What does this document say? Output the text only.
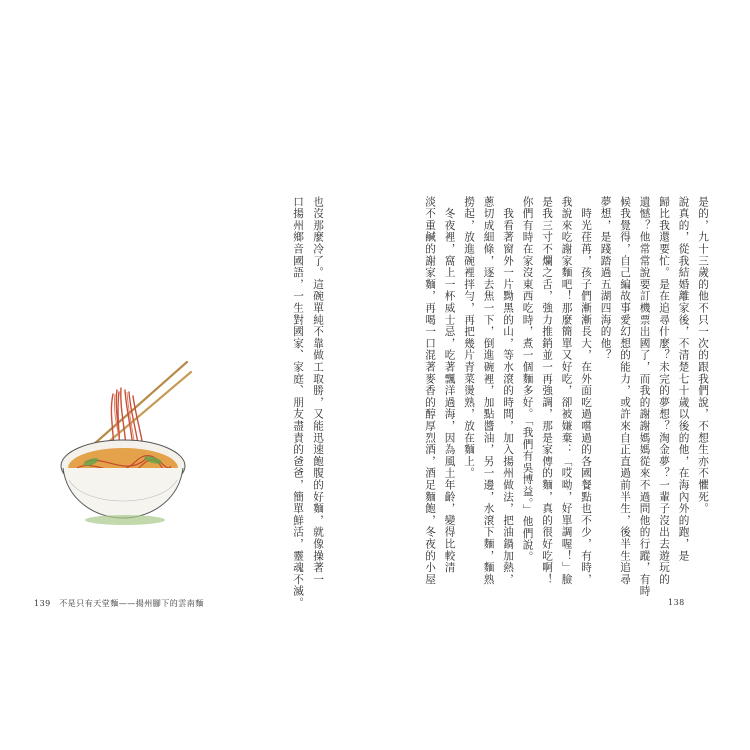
也沒那麼冷了。這碗單純不靠做工取勝，又能迅速飽腹的好麵，就像操著一
口揚州鄉音國語，一生對國家、家庭、朋友盡責的爸爸，簡單鮮活，靈魂不滅。	是的，九十三歲的他不只一次的跟我們說，不想生亦不懼死。
說真的，從我結婚離家後，不清楚七十歲以後的他，在海內外的跑，是
歸比我還要忙。是在追尋什麼？未完的夢想？淘金夢？一輩子沒出去遊玩的
遺憾？他常常說要訂機票出國了，而我的謝謝媽媽從來不過問他的行蹤，有時
候我覺得，自己編故事愛幻想的能力，或許來自正直過前半生，後半生追尋
夢想，是踐踏過五湖四海的他？
　時光荏苒，孩子們漸漸長大，在外面吃過嚐過的各國餐點也不少，有時，
我說來吃謝家麵吧！那麼簡單又好吃，卻被嫌棄：「哎呦，好單調喔！」臉
是我三寸不爛之舌，強力推銷並一再強調，那是家傳的麵，真的很好吃啊！
你們有時在家沒東西吃時，煮一個麵多好。「我們有吳博益。」他們說。
　我看著窗外一片黝黑的山，等水滾的時間，加入揚州做法，把油鍋加熱，
蔥切成細條，逐去焦一下，倒進碗裡，加點醬油，另一邊，水滾下麵，麵熟
撈起，放進碗裡拌勻，再把幾片青菜燙熟，放在麵上。
　冬夜裡，窩上一杯威士忌，吃著飄洋過海，因為風土年齡，變得比較清
淡不重鹹的謝家麵，再喝一口混著麥香的醇厚烈酒，酒足麵飽，冬夜的小屋
139　不是只有天堂麵——揚州腳下的雲南麵	138
